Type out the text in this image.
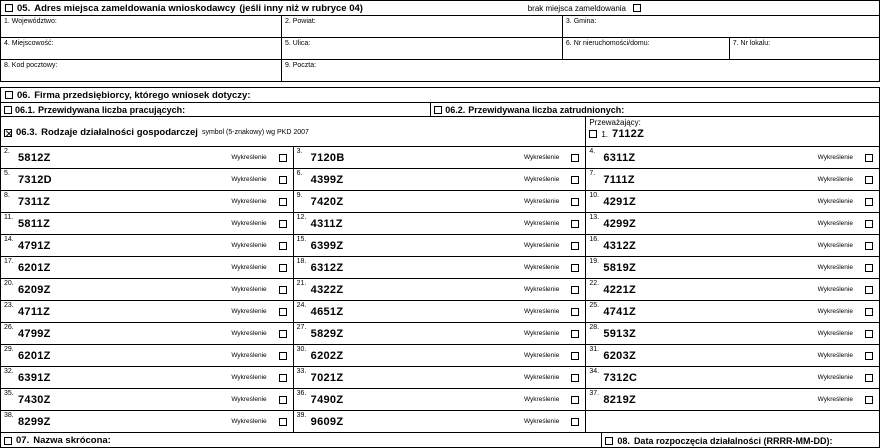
05. Adres miejsca zameldowania wnioskodawcy (jeśli inny niż w rubryce 04)	brak miejsca zameldowania
1. Województwo:	2. Powiat:	3. Gmina:
4. Miejscowość:	5. Ulica:	6. Nr nieruchomości/domu:	7. Nr lokalu:
8. Kod pocztowy:	9. Poczta:
06. Firma przedsiębiorcy, którego wniosek dotyczy:
06.1. Przewidywana liczba pracujących:	06.2. Przewidywana liczba zatrudnionych:
06.3. Rodzaje działalności gospodarczej symbol (5-znakowy) wg PKD 2007
Przeważający:
1. 7112Z
2. 5812Z	Wykreślenie
3. 7120B	Wykreślenie
4. 6311Z	Wykreślenie
5. 7312D	Wykreślenie
6. 4399Z	Wykreślenie
7. 7111Z	Wykreślenie
8. 7311Z	Wykreślenie
9. 7420Z	Wykreślenie
10. 4291Z	Wykreślenie
11. 5811Z	Wykreślenie
12. 4311Z	Wykreślenie
13. 4299Z	Wykreślenie
14. 4791Z	Wykreślenie
15. 6399Z	Wykreślenie
16. 4312Z	Wykreślenie
17. 6201Z	Wykreślenie
18. 6312Z	Wykreślenie
19. 5819Z	Wykreślenie
20. 6209Z	Wykreślenie
21. 4322Z	Wykreślenie
22. 4221Z	Wykreślenie
23. 4711Z	Wykreślenie
24. 4651Z	Wykreślenie
25. 4741Z	Wykreślenie
26. 4799Z	Wykreślenie
27. 5829Z	Wykreślenie
28. 5913Z	Wykreślenie
29. 6201Z	Wykreślenie
30. 6202Z	Wykreślenie
31. 6203Z	Wykreślenie
32. 6391Z	Wykreślenie
33. 7021Z	Wykreślenie
34. 7312C	Wykreślenie
35. 7430Z	Wykreślenie
36. 7490Z	Wykreślenie
37. 8219Z	Wykreślenie
38. 8299Z	Wykreślenie
39. 9609Z	Wykreślenie
07. Nazwa skrócona:	08. Data rozpoczęcia działalności (RRRR-MM-DD):
